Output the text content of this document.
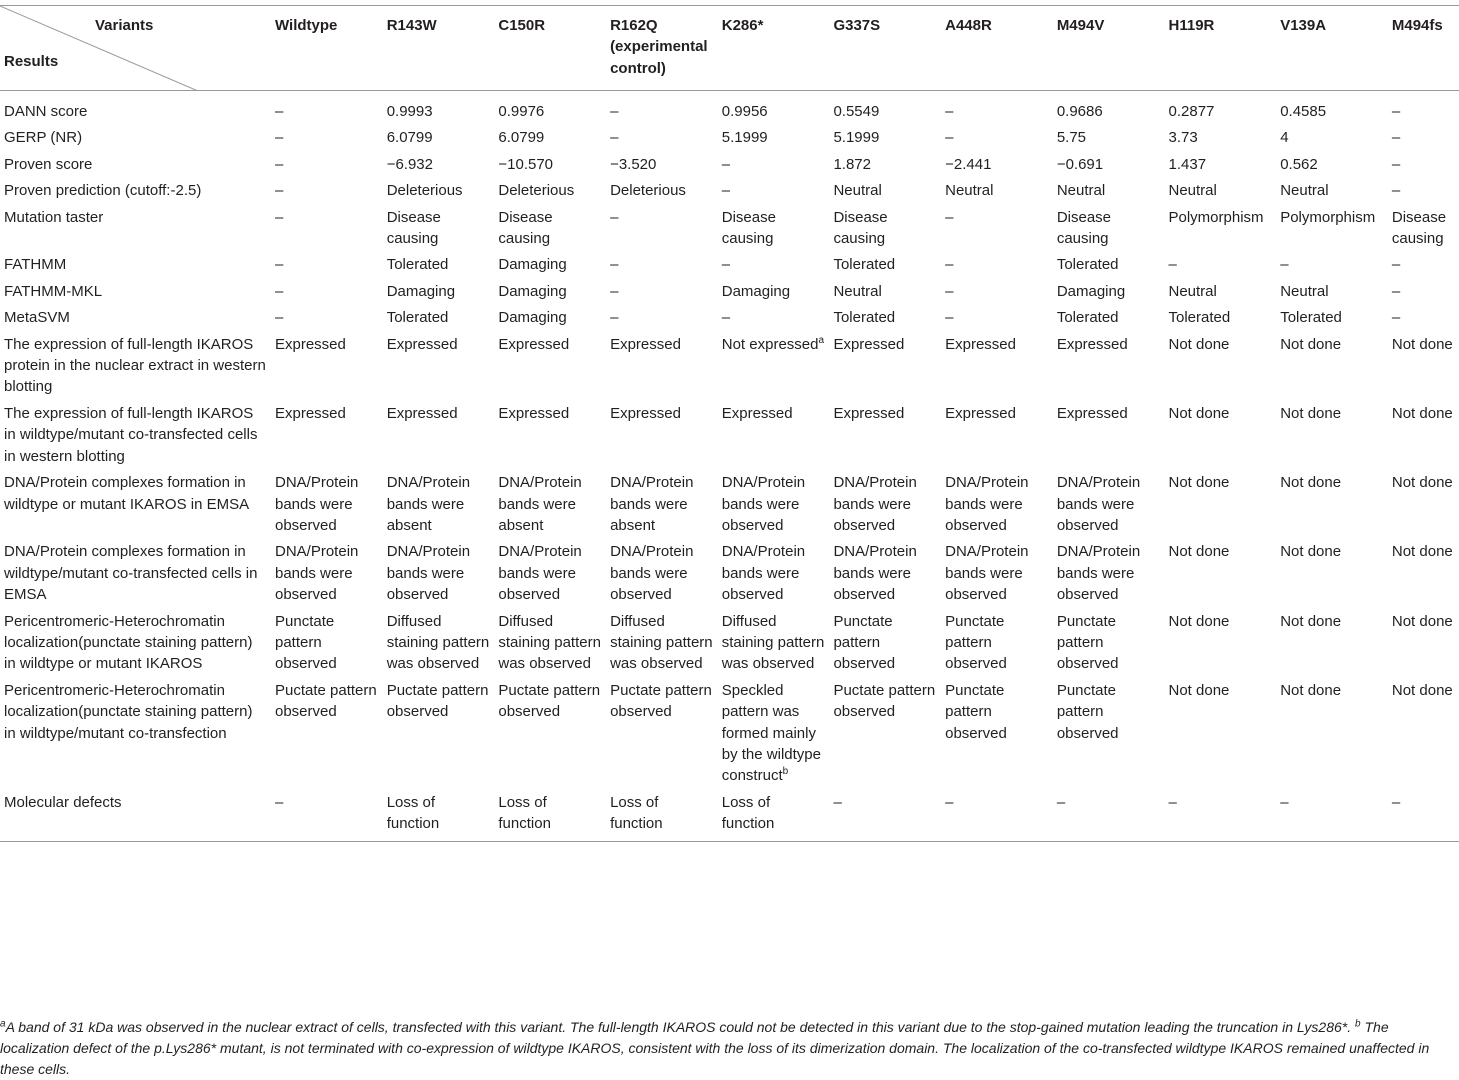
Variants
Results	Wildtype	R143W	C150R	R162Q (experimental control)	K286*	G337S	A448R	M494V	H119R	V139A	M494fs
DANN score	–	0.9993	0.9976	–	0.9956	0.5549	–	0.9686	0.2877	0.4585	–
GERP (NR)	–	6.0799	6.0799	–	5.1999	5.1999	–	5.75	3.73	4	–
Proven score	–	−6.932	−10.570	−3.520	–	1.872	−2.441	−0.691	1.437	0.562	–
Proven prediction (cutoff:-2.5)	–	Deleterious	Deleterious	Deleterious	–	Neutral	Neutral	Neutral	Neutral	Neutral	–
Mutation taster	–	Disease causing	Disease causing	–	Disease causing	Disease causing	–	Disease causing	Polymorphism	Polymorphism	Disease causing
FATHMM	–	Tolerated	Damaging	–	–	Tolerated	–	Tolerated	–	–	–
FATHMM-MKL	–	Damaging	Damaging	–	Damaging	Neutral	–	Damaging	Neutral	Neutral	–
MetaSVM	–	Tolerated	Damaging	–	–	Tolerated	–	Tolerated	Tolerated	Tolerated	–
The expression of full-length IKAROS protein in the nuclear extract in western blotting	Expressed	Expressed	Expressed	Expressed	Not expressed$^a$	Expressed	Expressed	Expressed	Not done	Not done	Not done
The expression of full-length IKAROS in wildtype/mutant co-transfected cells in western blotting	Expressed	Expressed	Expressed	Expressed	Expressed	Expressed	Expressed	Expressed	Not done	Not done	Not done
DNA/Protein complexes formation in wildtype or mutant IKAROS in EMSA	DNA/Protein bands were observed	DNA/Protein bands were absent	DNA/Protein bands were absent	DNA/Protein bands were absent	DNA/Protein bands were observed	DNA/Protein bands were observed	DNA/Protein bands were observed	DNA/Protein bands were observed	Not done	Not done	Not done
DNA/Protein complexes formation in wildtype/mutant co-transfected cells in EMSA	DNA/Protein bands were observed	DNA/Protein bands were observed	DNA/Protein bands were observed	DNA/Protein bands were observed	DNA/Protein bands were observed	DNA/Protein bands were observed	DNA/Protein bands were observed	DNA/Protein bands were observed	Not done	Not done	Not done
Pericentromeric-Heterochromatin localization(punctate staining pattern) in wildtype or mutant IKAROS	Punctate pattern observed	Diffused staining pattern was observed	Diffused staining pattern was observed	Diffused staining pattern was observed	Diffused staining pattern was observed	Punctate pattern observed	Punctate pattern observed	Punctate pattern observed	Not done	Not done	Not done
Pericentromeric-Heterochromatin localization(punctate staining pattern) in wildtype/mutant co-transfection	Puctate pattern observed	Puctate pattern observed	Puctate pattern observed	Puctate pattern observed	Speckled pattern was formed mainly by the wildtype construct$^b$	Puctate pattern observed	Punctate pattern observed	Punctate pattern observed	Not done	Not done	Not done
Molecular defects	–	Loss of function	Loss of function	Loss of function	Loss of function	–	–	–	–	–	–
$^a$A band of 31 kDa was observed in the nuclear extract of cells, transfected with this variant. The full-length IKAROS could not be detected in this variant due to the stop-gained mutation leading the truncation in Lys286*. $^b$ The localization defect of the p.Lys286* mutant, is not terminated with co-expression of wildtype IKAROS, consistent with the loss of its dimerization domain. The localization of the co-transfected wildtype IKAROS remained unaffected in these cells.
